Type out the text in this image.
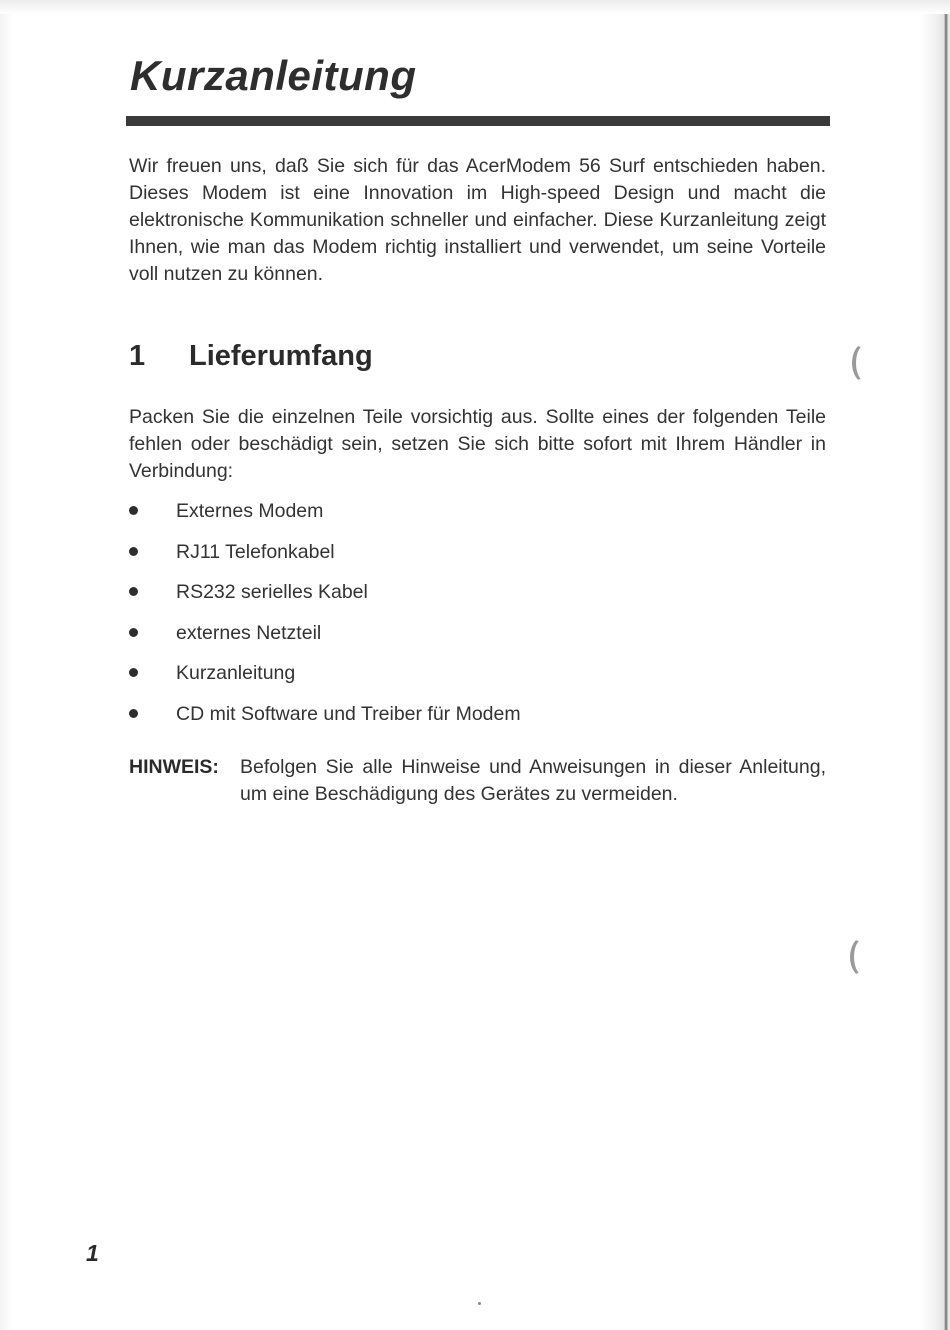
Kurzanleitung

Wir freuen uns, daß Sie sich für das AcerModem 56 Surf entschieden haben. Dieses Modem ist eine Innovation im High-speed Design und macht die elektronische Kommunikation schneller und einfacher. Diese Kurzanleitung zeigt Ihnen, wie man das Modem richtig installiert und verwendet, um seine Vorteile voll nutzen zu können.

1 Lieferumfang

Packen Sie die einzelnen Teile vorsichtig aus. Sollte eines der folgenden Teile fehlen oder beschädigt sein, setzen Sie sich bitte sofort mit Ihrem Händler in Verbindung:

Externes Modem
RJ11 Telefonkabel
RS232 serielles Kabel
externes Netzteil
Kurzanleitung
CD mit Software und Treiber für Modem
HINWEIS: Befolgen Sie alle Hinweise und Anweisungen in dieser Anleitung, um eine Beschädigung des Gerätes zu vermeiden.

1
